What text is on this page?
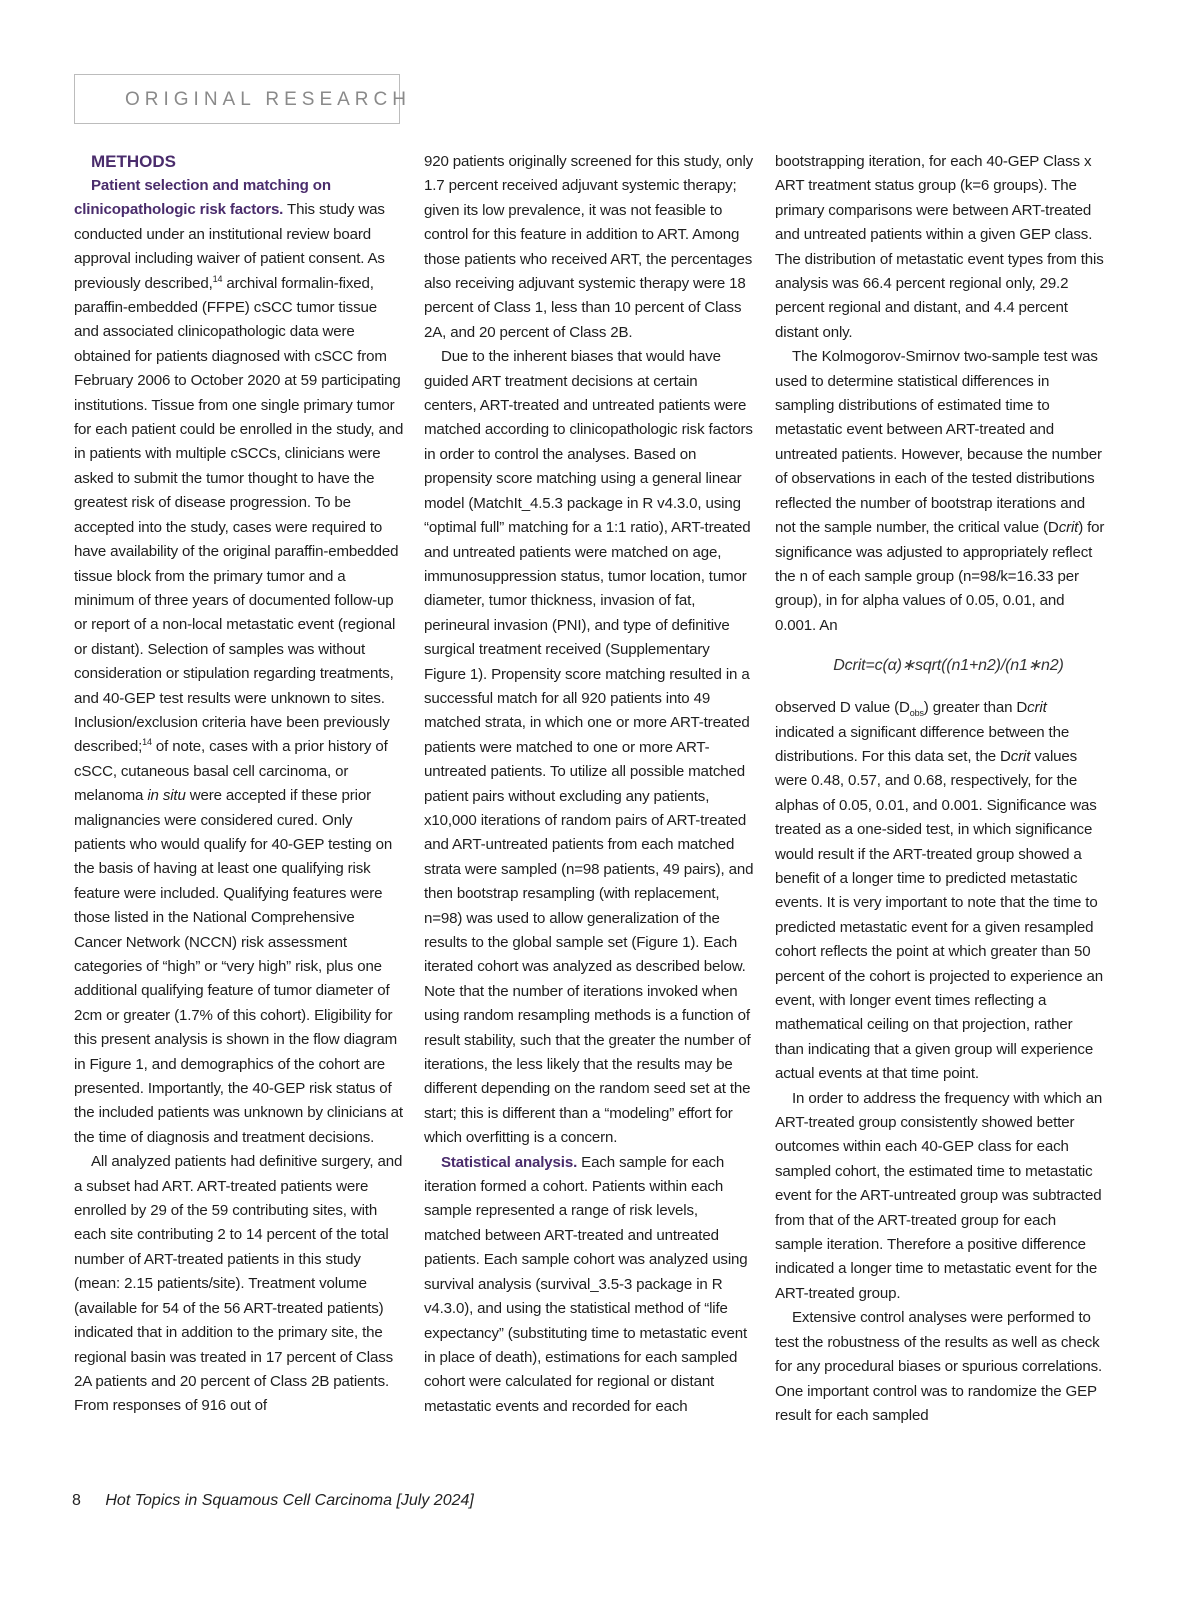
ORIGINAL RESEARCH

METHODS

Patient selection and matching on clinicopathologic risk factors. This study was conducted under an institutional review board approval including waiver of patient consent. As previously described,$^{14}$ archival formalin-fixed, paraffin-embedded (FFPE) cSCC tumor tissue and associated clinicopathologic data were obtained for patients diagnosed with cSCC from February 2006 to October 2020 at 59 participating institutions. Tissue from one single primary tumor for each patient could be enrolled in the study, and in patients with multiple cSCCs, clinicians were asked to submit the tumor thought to have the greatest risk of disease progression. To be accepted into the study, cases were required to have availability of the original paraffin-embedded tissue block from the primary tumor and a minimum of three years of documented follow-up or report of a non-local metastatic event (regional or distant). Selection of samples was without consideration or stipulation regarding treatments, and 40-GEP test results were unknown to sites. Inclusion/exclusion criteria have been previously described;$^{14}$ of note, cases with a prior history of cSCC, cutaneous basal cell carcinoma, or melanoma in situ were accepted if these prior malignancies were considered cured. Only patients who would qualify for 40-GEP testing on the basis of having at least one qualifying risk feature were included. Qualifying features were those listed in the National Comprehensive Cancer Network (NCCN) risk assessment categories of “high” or “very high” risk, plus one additional qualifying feature of tumor diameter of 2cm or greater (1.7% of this cohort). Eligibility for this present analysis is shown in the flow diagram in Figure 1, and demographics of the cohort are presented. Importantly, the 40-GEP risk status of the included patients was unknown by clinicians at the time of diagnosis and treatment decisions.

All analyzed patients had definitive surgery, and a subset had ART. ART-treated patients were enrolled by 29 of the 59 contributing sites, with each site contributing 2 to 14 percent of the total number of ART-treated patients in this study (mean: 2.15 patients/site). Treatment volume (available for 54 of the 56 ART-treated patients) indicated that in addition to the primary site, the regional basin was treated in 17 percent of Class 2A patients and 20 percent of Class 2B patients. From responses of 916 out of

920 patients originally screened for this study, only 1.7 percent received adjuvant systemic therapy; given its low prevalence, it was not feasible to control for this feature in addition to ART. Among those patients who received ART, the percentages also receiving adjuvant systemic therapy were 18 percent of Class 1, less than 10 percent of Class 2A, and 20 percent of Class 2B.

Due to the inherent biases that would have guided ART treatment decisions at certain centers, ART-treated and untreated patients were matched according to clinicopathologic risk factors in order to control the analyses. Based on propensity score matching using a general linear model (MatchIt_4.5.3 package in R v4.3.0, using “optimal full” matching for a 1:1 ratio), ART-treated and untreated patients were matched on age, immunosuppression status, tumor location, tumor diameter, tumor thickness, invasion of fat, perineural invasion (PNI), and type of definitive surgical treatment received (Supplementary Figure 1). Propensity score matching resulted in a successful match for all 920 patients into 49 matched strata, in which one or more ART-treated patients were matched to one or more ART-untreated patients. To utilize all possible matched patient pairs without excluding any patients, x10,000 iterations of random pairs of ART-treated and ART-untreated patients from each matched strata were sampled (n=98 patients, 49 pairs), and then bootstrap resampling (with replacement, n=98) was used to allow generalization of the results to the global sample set (Figure 1). Each iterated cohort was analyzed as described below. Note that the number of iterations invoked when using random resampling methods is a function of result stability, such that the greater the number of iterations, the less likely that the results may be different depending on the random seed set at the start; this is different than a “modeling” effort for which overfitting is a concern.

Statistical analysis. Each sample for each iteration formed a cohort. Patients within each sample represented a range of risk levels, matched between ART-treated and untreated patients. Each sample cohort was analyzed using survival analysis (survival_3.5-3 package in R v4.3.0), and using the statistical method of “life expectancy” (substituting time to metastatic event in place of death), estimations for each sampled cohort were calculated for regional or distant metastatic events and recorded for each

bootstrapping iteration, for each 40-GEP Class x ART treatment status group (k=6 groups). The primary comparisons were between ART-treated and untreated patients within a given GEP class. The distribution of metastatic event types from this analysis was 66.4 percent regional only, 29.2 percent regional and distant, and 4.4 percent distant only.

The Kolmogorov-Smirnov two-sample test was used to determine statistical differences in sampling distributions of estimated time to metastatic event between ART-treated and untreated patients. However, because the number of observations in each of the tested distributions reflected the number of bootstrap iterations and not the sample number, the critical value (Dcrit) for significance was adjusted to appropriately reflect the n of each sample group (n=98/k=16.33 per group), in for alpha values of 0.05, 0.01, and 0.001. An

Dcrit=c(α)∗sqrt((n1+n2)/(n1∗n2)

observed D value $(D_{obs})$ greater than Dcrit indicated a significant difference between the distributions. For this data set, the Dcrit values were 0.48, 0.57, and 0.68, respectively, for the alphas of 0.05, 0.01, and 0.001. Significance was treated as a one-sided test, in which significance would result if the ART-treated group showed a benefit of a longer time to predicted metastatic events. It is very important to note that the time to predicted metastatic event for a given resampled cohort reflects the point at which greater than 50 percent of the cohort is projected to experience an event, with longer event times reflecting a mathematical ceiling on that projection, rather than indicating that a given group will experience actual events at that time point.

In order to address the frequency with which an ART-treated group consistently showed better outcomes within each 40-GEP class for each sampled cohort, the estimated time to metastatic event for the ART-untreated group was subtracted from that of the ART-treated group for each sample iteration. Therefore a positive difference indicated a longer time to metastatic event for the ART-treated group.

Extensive control analyses were performed to test the robustness of the results as well as check for any procedural biases or spurious correlations. One important control was to randomize the GEP result for each sampled

8 Hot Topics in Squamous Cell Carcinoma [July 2024]
